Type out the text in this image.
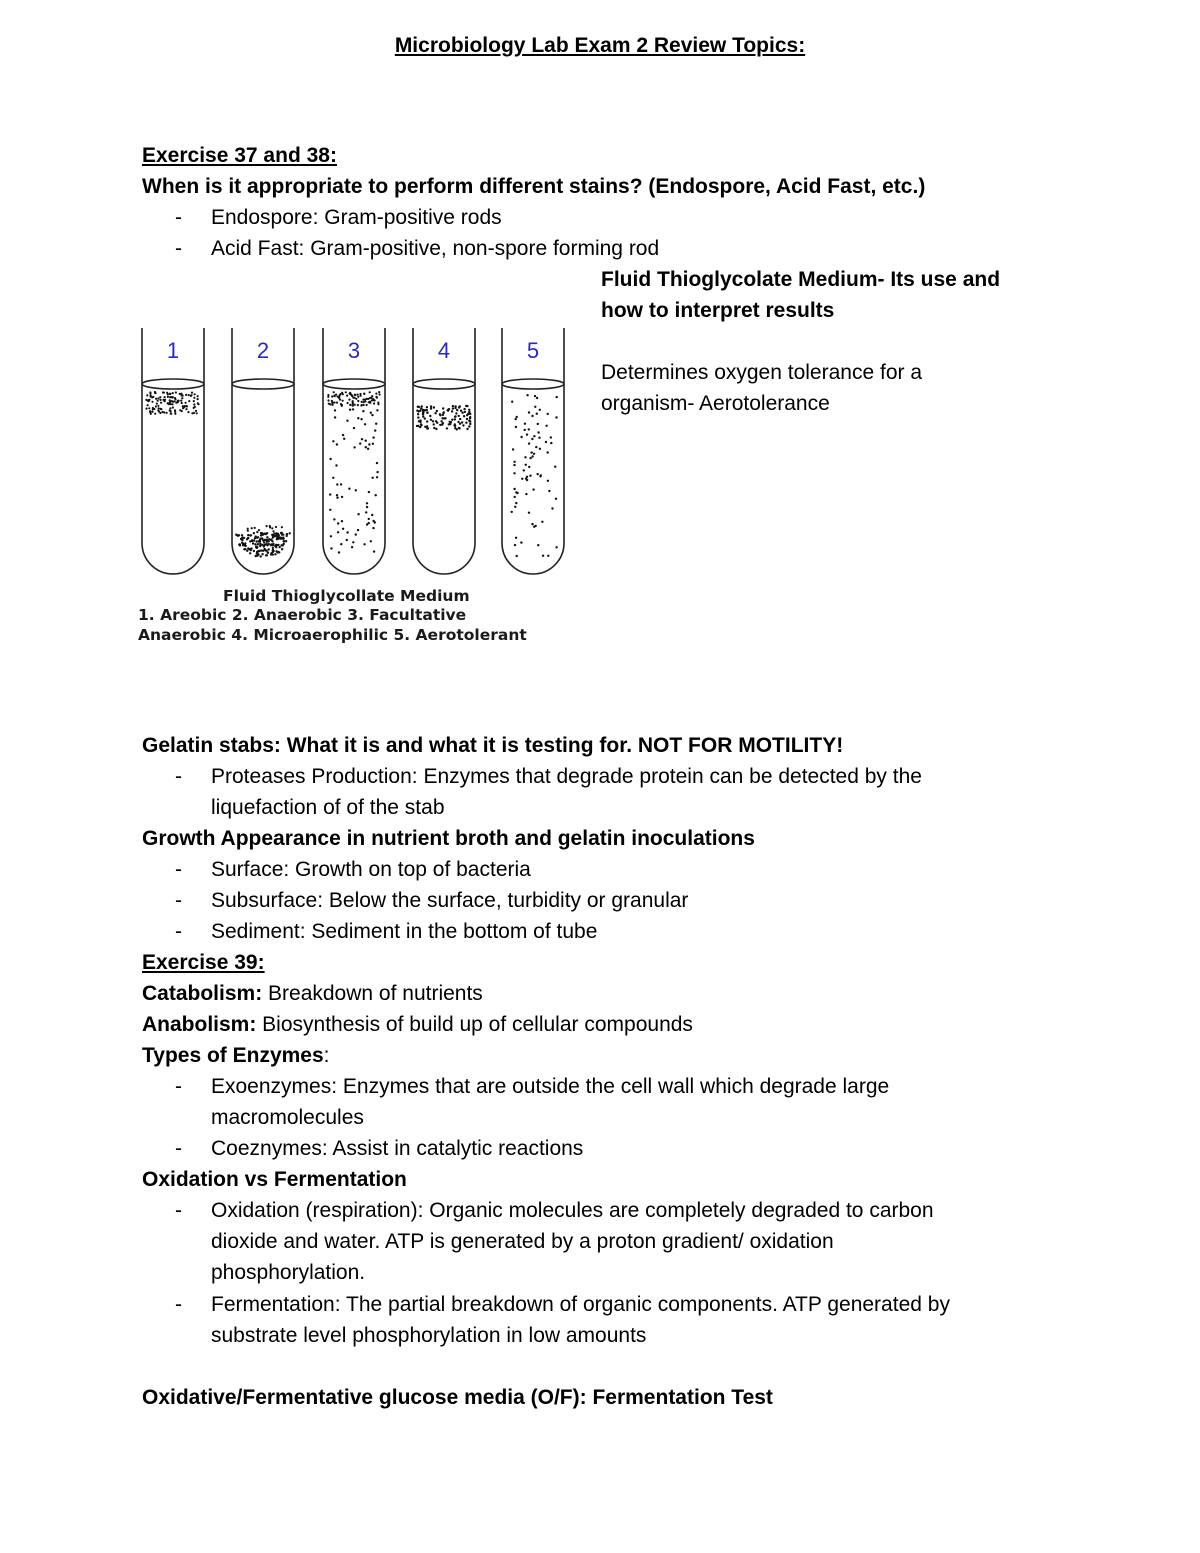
Microbiology Lab Exam 2 Review Topics:
Exercise 37 and 38:
When is it appropriate to perform different stains? (Endospore, Acid Fast, etc.)
- Endospore: Gram-positive rods
- Acid Fast: Gram-positive, non-spore forming rod
Fluid Thioglycolate Medium- Its use and
how to interpret results
Determines oxygen tolerance for a
organism- Aerotolerance
1	2	3	4	5
Fluid Thioglycollate Medium
1. Areobic 2. Anaerobic 3. Facultative
Anaerobic 4. Microaerophilic 5. Aerotolerant
Gelatin stabs: What it is and what it is testing for. NOT FOR MOTILITY!
- Proteases Production: Enzymes that degrade protein can be detected by the
liquefaction of of the stab
Growth Appearance in nutrient broth and gelatin inoculations
- Surface: Growth on top of bacteria
- Subsurface: Below the surface, turbidity or granular
- Sediment: Sediment in the bottom of tube
Exercise 39:
Catabolism: Breakdown of nutrients
Anabolism: Biosynthesis of build up of cellular compounds
Types of Enzymes:
- Exoenzymes: Enzymes that are outside the cell wall which degrade large
macromolecules
- Coeznymes: Assist in catalytic reactions
Oxidation vs Fermentation
- Oxidation (respiration): Organic molecules are completely degraded to carbon
dioxide and water. ATP is generated by a proton gradient/ oxidation
phosphorylation.
- Fermentation: The partial breakdown of organic components. ATP generated by
substrate level phosphorylation in low amounts
Oxidative/Fermentative glucose media (O/F): Fermentation Test
